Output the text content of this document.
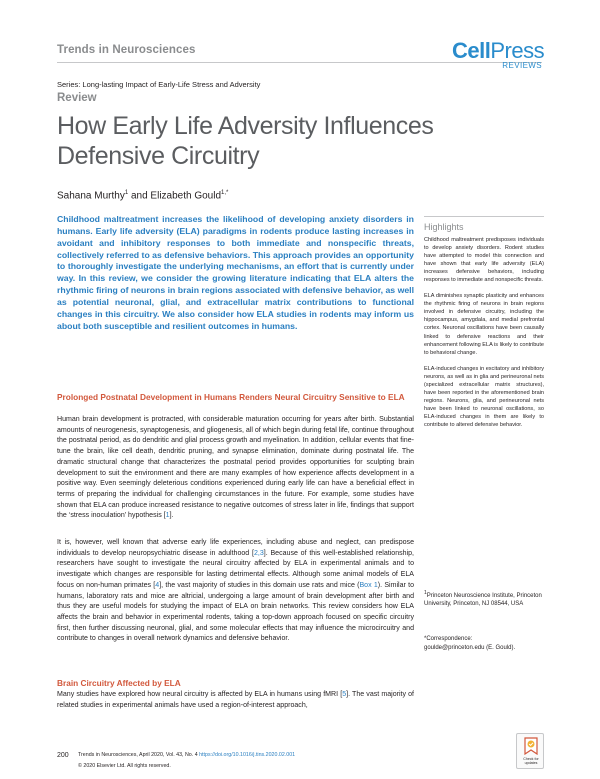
Trends in Neurosciences	CellPress
REVIEWS
Series: Long-lasting Impact of Early-Life Stress and Adversity
Review
How Early Life Adversity Influences Defensive Circuitry
Sahana Murthy$^1$ and Elizabeth Gould$^{1,*}$

Childhood maltreatment increases the likelihood of developing anxiety disorders in humans. Early life adversity (ELA) paradigms in rodents produce lasting increases in avoidant and inhibitory responses to both immediate and nonspecific threats, collectively referred to as defensive behaviors. This approach provides an opportunity to thoroughly investigate the underlying mechanisms, an effort that is currently under way. In this review, we consider the growing literature indicating that ELA alters the rhythmic firing of neurons in brain regions associated with defensive behavior, as well as potential neuronal, glial, and extracellular matrix contributions to functional changes in this circuitry. We also consider how ELA studies in rodents may inform us about both susceptible and resilient outcomes in humans.

Prolonged Postnatal Development in Humans Renders Neural Circuitry Sensitive to ELA

Human brain development is protracted, with considerable maturation occurring for years after birth. Substantial amounts of neurogenesis, synaptogenesis, and gliogenesis, all of which begin during fetal life, continue throughout the postnatal period, as do dendritic and glial process growth and myelination. In addition, cellular events that fine-tune the brain, like cell death, dendritic pruning, and synapse elimination, dominate during postnatal life. The dramatic structural change that characterizes the postnatal period provides opportunities for sculpting brain development to suit the environment and there are many examples of how experience affects development in a positive way. Even seemingly deleterious conditions experienced during early life can have a beneficial effect in terms of preparing the individual for challenging circumstances in the future. For example, some studies have shown that ELA can produce increased resistance to negative outcomes of stress later in life, findings that support the ‘stress inoculation’ hypothesis [1].

It is, however, well known that adverse early life experiences, including abuse and neglect, can predispose individuals to develop neuropsychiatric disease in adulthood [2,3]. Because of this well-established relationship, researchers have sought to investigate the neural circuitry affected by ELA in experimental animals and to investigate which changes are responsible for lasting detrimental effects. Although some animal models of ELA focus on non-human primates [4], the vast majority of studies in this domain use rats and mice (Box 1). Similar to humans, laboratory rats and mice are altricial, undergoing a large amount of brain development after birth and thus they are useful models for studying the impact of ELA on brain networks. This review considers how ELA affects the brain and behavior in experimental rodents, taking a top-down approach focused on specific circuitry first, then further discussing neuronal, glial, and some molecular effects that may influence the microcircuitry and contribute to changes in overall network dynamics and defensive behavior.

Brain Circuitry Affected by ELA

Many studies have explored how neural circuitry is affected by ELA in humans using fMRI [5]. The vast majority of related studies in experimental animals have used a region-of-interest approach,

Highlights

Childhood maltreatment predisposes individuals to develop anxiety disorders. Rodent studies have attempted to model this connection and have shown that early life adversity (ELA) increases defensive behaviors, including responses to immediate and nonspecific threats.

ELA diminishes synaptic plasticity and enhances the rhythmic firing of neurons in brain regions involved in defensive circuitry, including the hippocampus, amygdala, and medial prefrontal cortex. Neuronal oscillations have been causally linked to defensive reactions and their enhancement following ELA is likely to contribute to behavioral change.

ELA-induced changes in excitatory and inhibitory neurons, as well as in glia and perineuronal nets (specialized extracellular matrix structures), have been reported in the aforementioned brain regions. Neurons, glia, and perineuronal nets have been linked to neuronal oscillations, so ELA-induced changes in them are likely to contribute to altered defensive behavior.

$^1$Princeton Neuroscience Institute, Princeton University, Princeton, NJ 08544, USA
*Correspondence:
goulde@princeton.edu (E. Gould).
200 Trends in Neurosciences, April 2020, Vol. 43, No. 4 https://doi.org/10.1016/j.tins.2020.02.001
© 2020 Elsevier Ltd. All rights reserved.
Check for
updates
